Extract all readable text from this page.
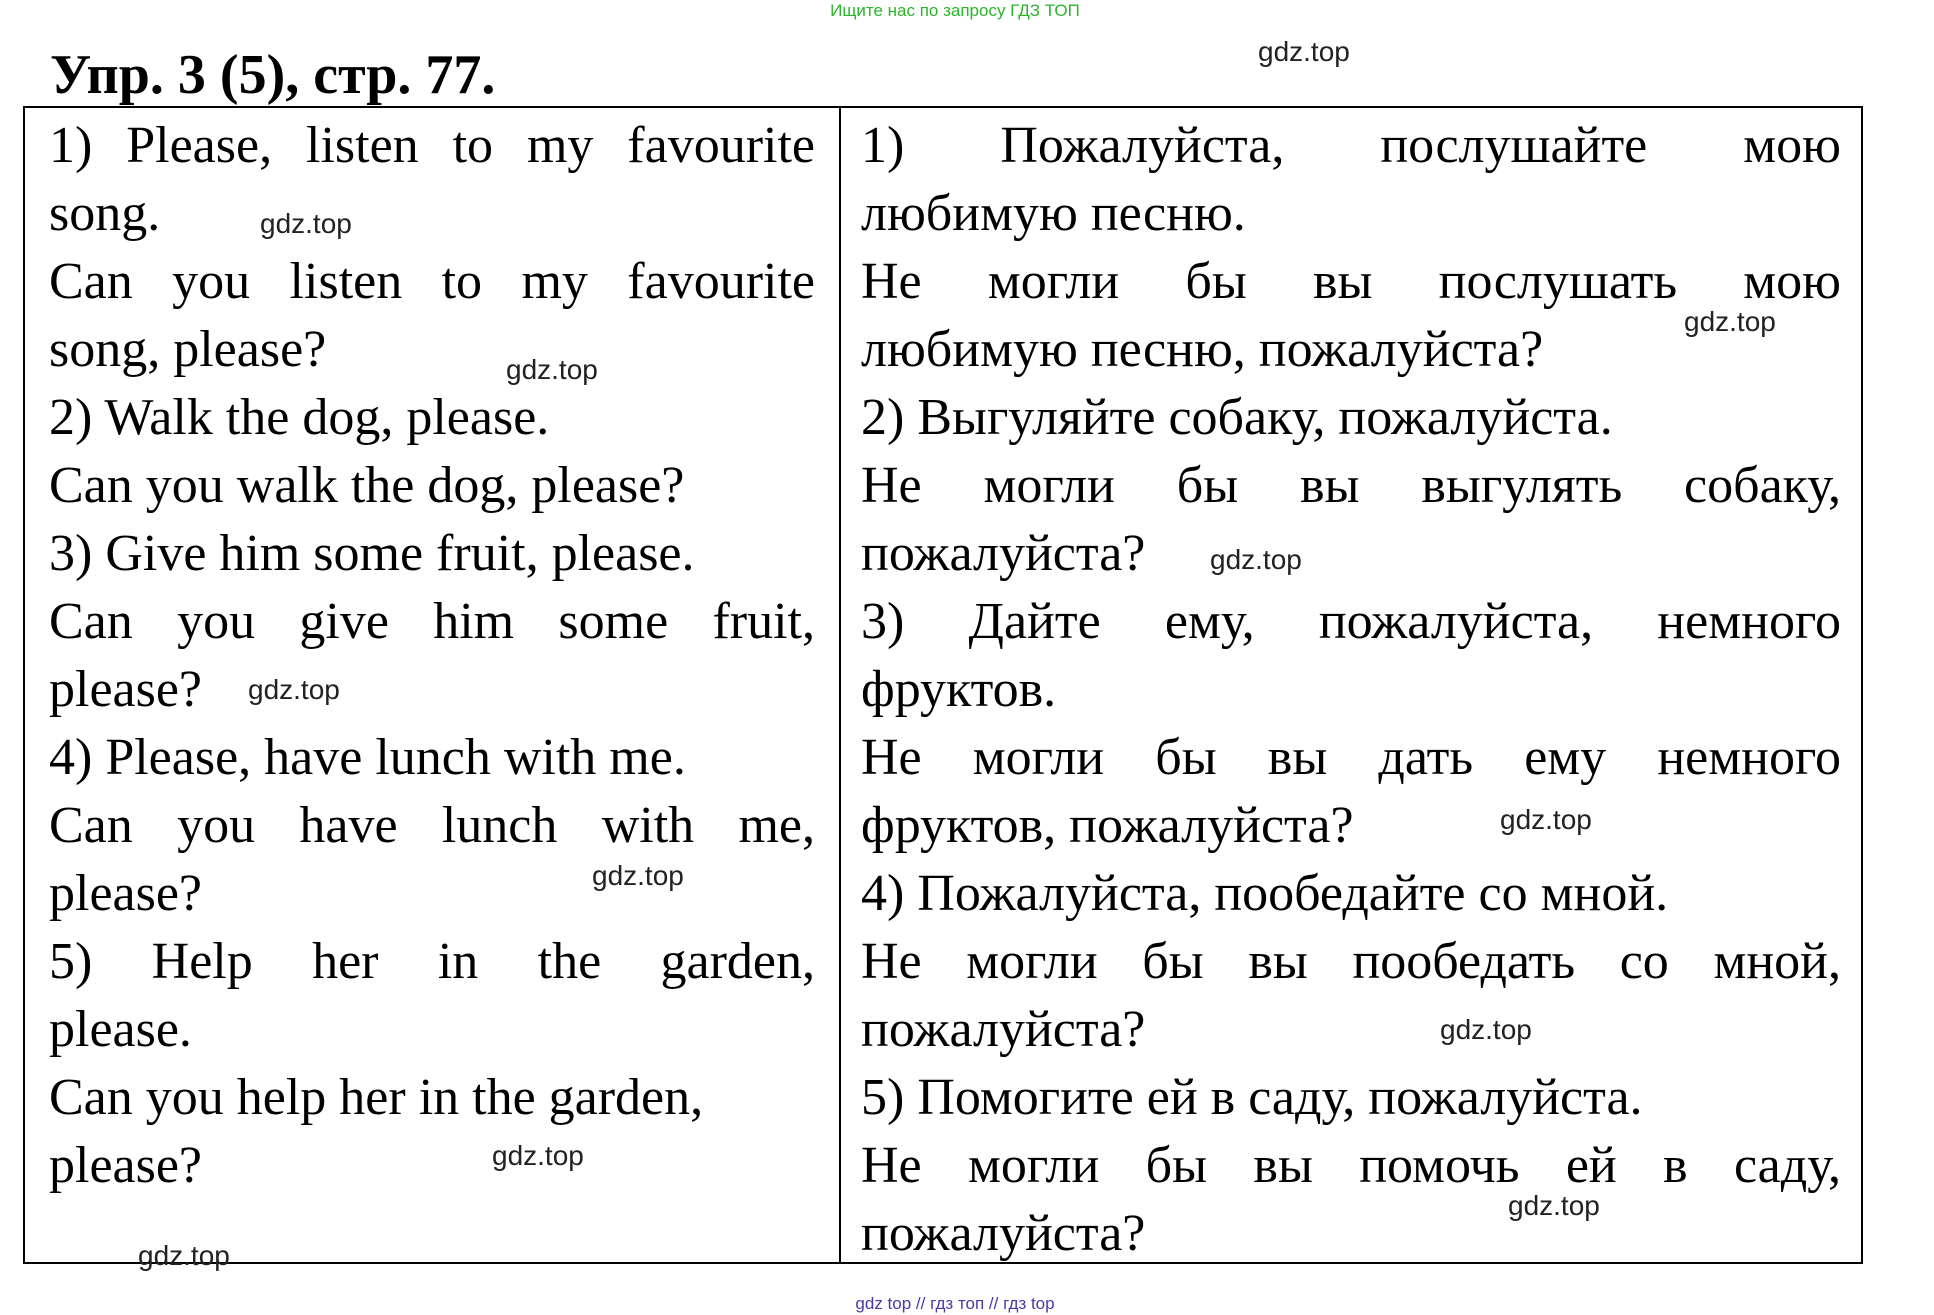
Ищите нас по запросу ГДЗ ТОП
Упр. 3 (5), стр. 77.
1) Please, listen to my favourite
song.
Can you listen to my favourite
song, please?
2) Walk the dog, please.
Can you walk the dog, please?
3) Give him some fruit, please.
Can you give him some fruit,
please?
4) Please, have lunch with me.
Can you have lunch with me,
please?
5) Help her in the garden,
please.
Can you help her in the garden,
please?
1) Пожалуйста, послушайте мою
любимую песню.
Не могли бы вы послушать мою
любимую песню, пожалуйста?
2) Выгуляйте собаку, пожалуйста.
Не могли бы вы выгулять собаку,
пожалуйста?
3) Дайте ему, пожалуйста, немного
фруктов.
Не могли бы вы дать ему немного
фруктов, пожалуйста?
4) Пожалуйста, пообедайте со мной.
Не могли бы вы пообедать со мной,
пожалуйста?
5) Помогите ей в саду, пожалуйста.
Не могли бы вы помочь ей в саду,
пожалуйста?
gdz.top
gdz.top
gdz.top
gdz.top
gdz.top
gdz.top
gdz.top
gdz.top
gdz.top
gdz.top
gdz.top
gdz.top
gdz top // гдз топ // гдз top
